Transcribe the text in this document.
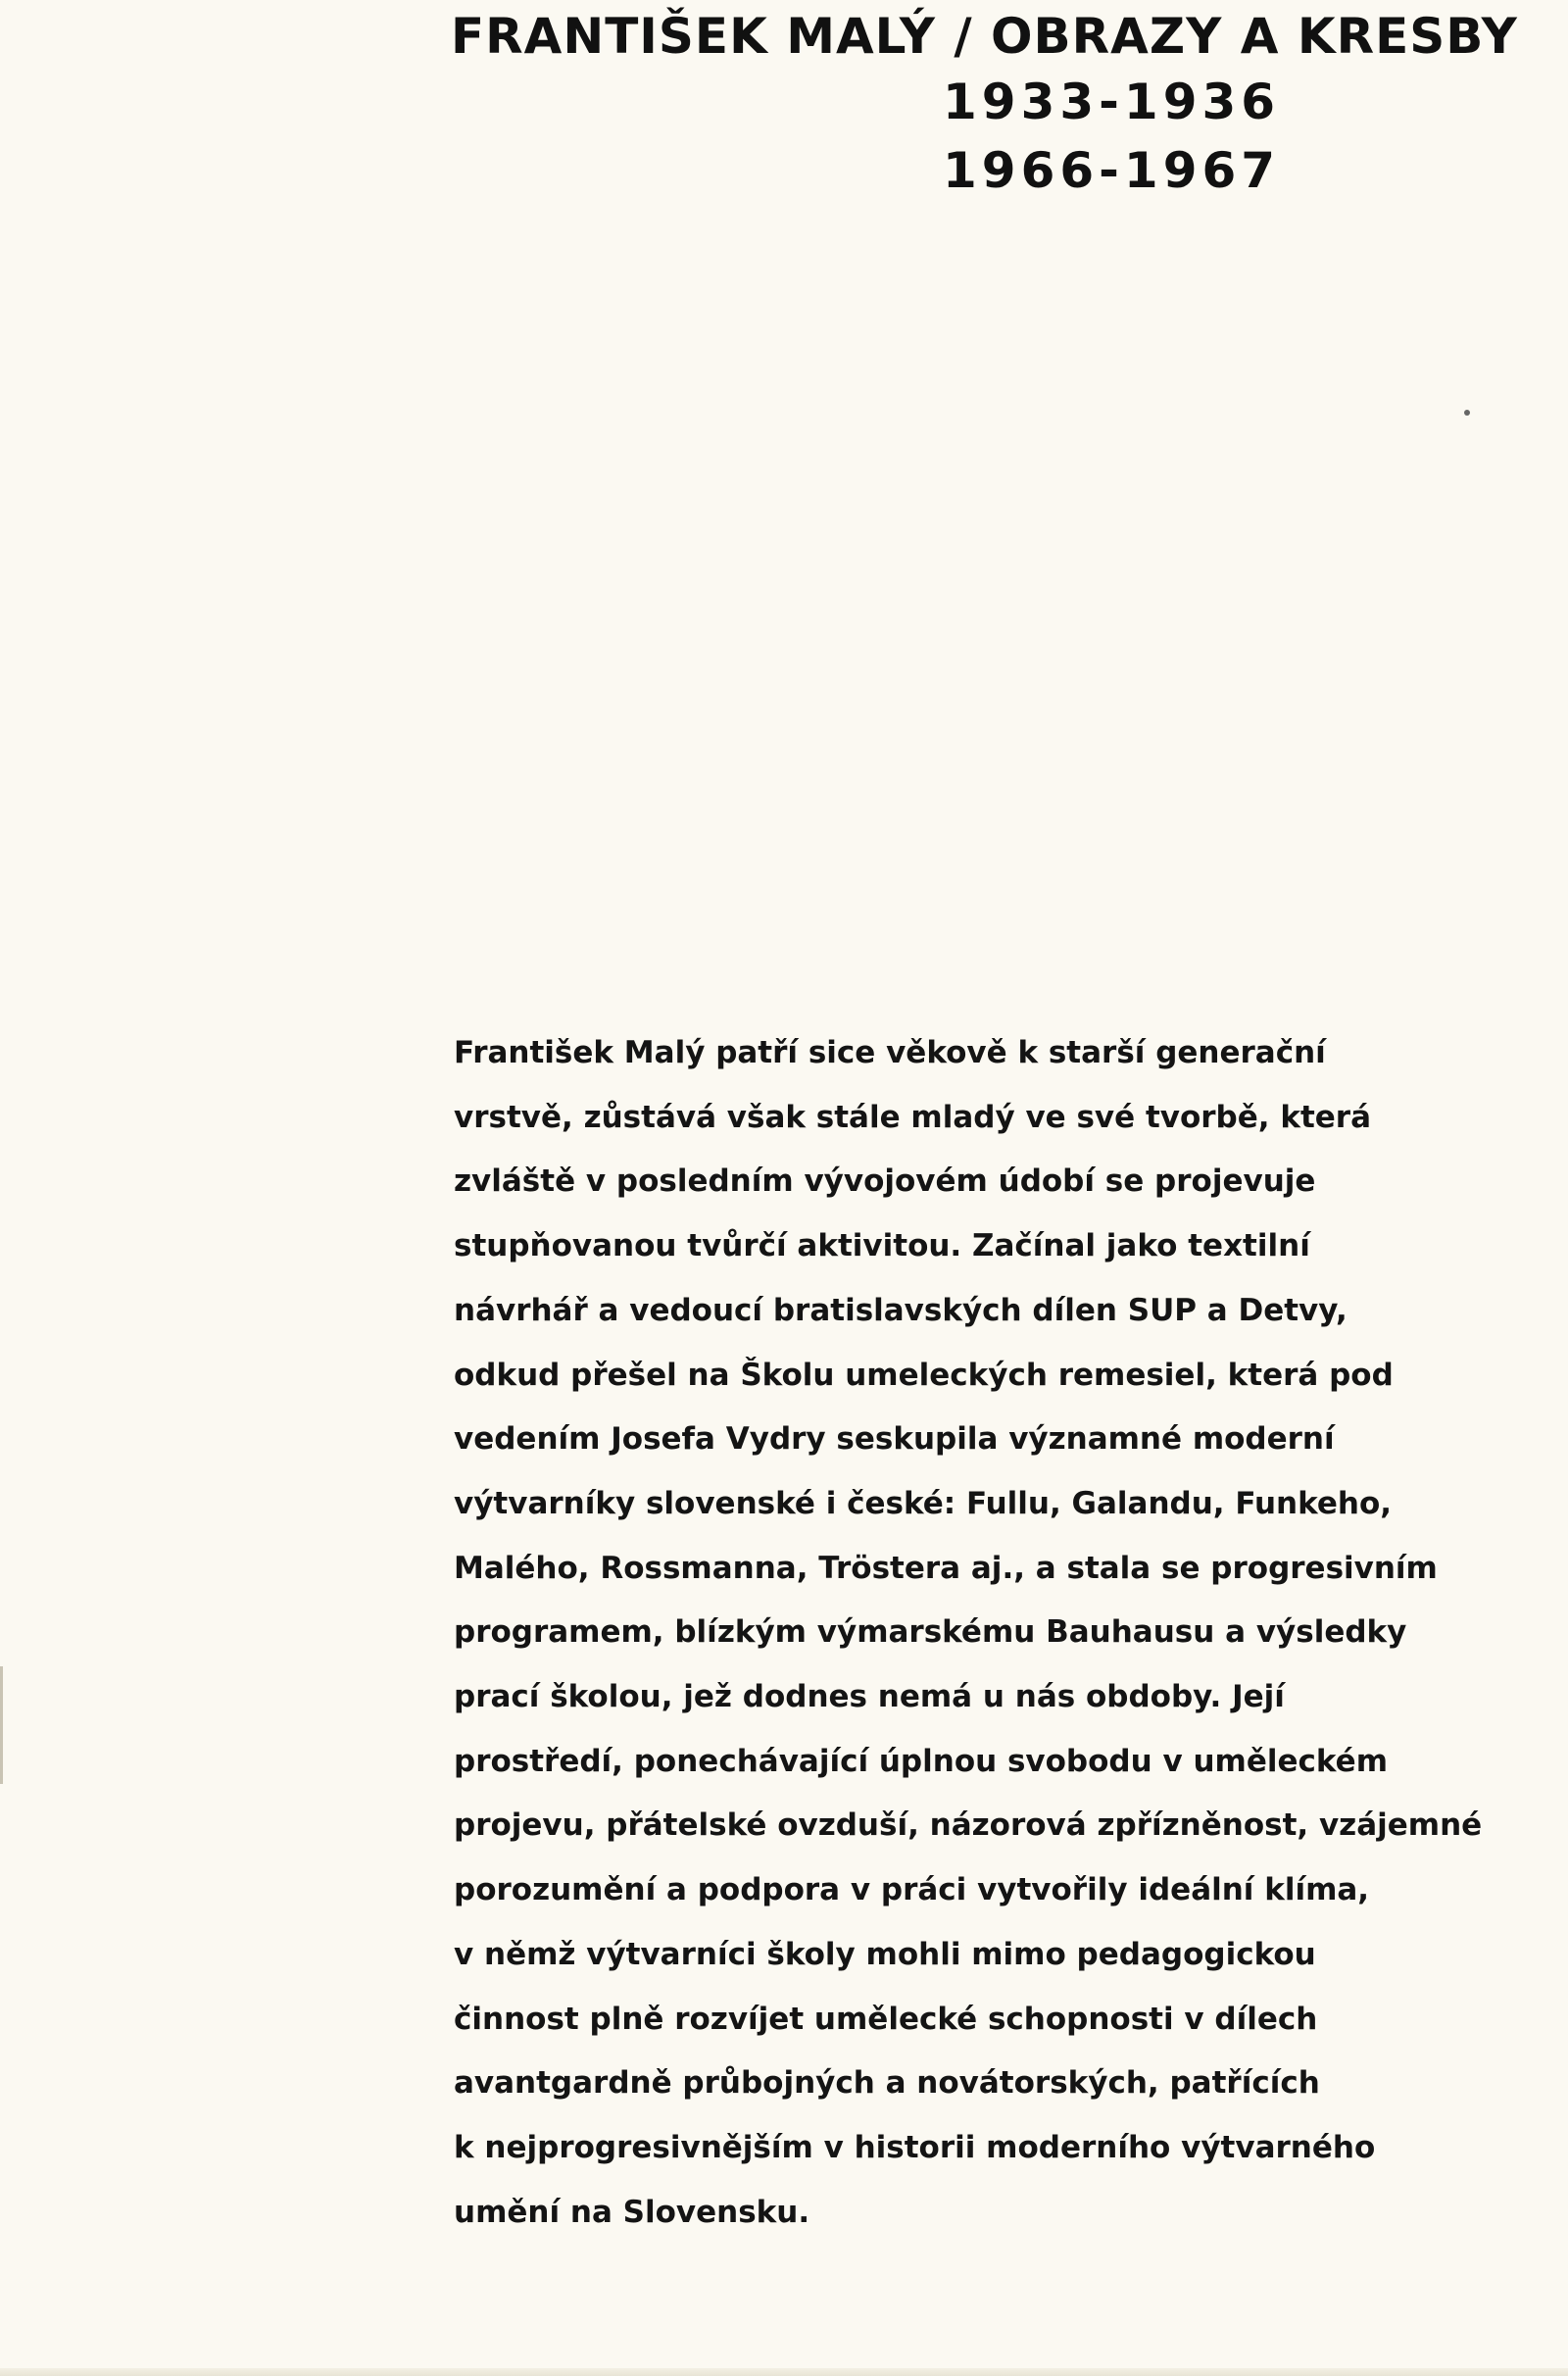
FRANTIŠEK MALÝ / OBRAZY A KRESBY
1933-1936
1966-1967

František Malý patří sice věkově k starší generační
vrstvě, zůstává však stále mladý ve své tvorbě, která
zvláště v posledním vývojovém údobí se projevuje
stupňovanou tvůrčí aktivitou. Začínal jako textilní
návrhář a vedoucí bratislavských dílen SUP a Detvy,
odkud přešel na Školu umeleckých remesiel, která pod
vedením Josefa Vydry seskupila významné moderní
výtvarníky slovenské i české: Fullu, Galandu, Funkeho,
Malého, Rossmanna, Tröstera aj., a stala se progresivním
programem, blízkým výmarskému Bauhausu a výsledky
prací školou, jež dodnes nemá u nás obdoby. Její
prostředí, ponechávající úplnou svobodu v uměleckém
projevu, přátelské ovzduší, názorová zpřízněnost, vzájemné
porozumění a podpora v práci vytvořily ideální klíma,
v němž výtvarníci školy mohli mimo pedagogickou
činnost plně rozvíjet umělecké schopnosti v dílech
avantgardně průbojných a novátorských, patřících
k nejprogresivnějším v historii moderního výtvarného
umění na Slovensku.
